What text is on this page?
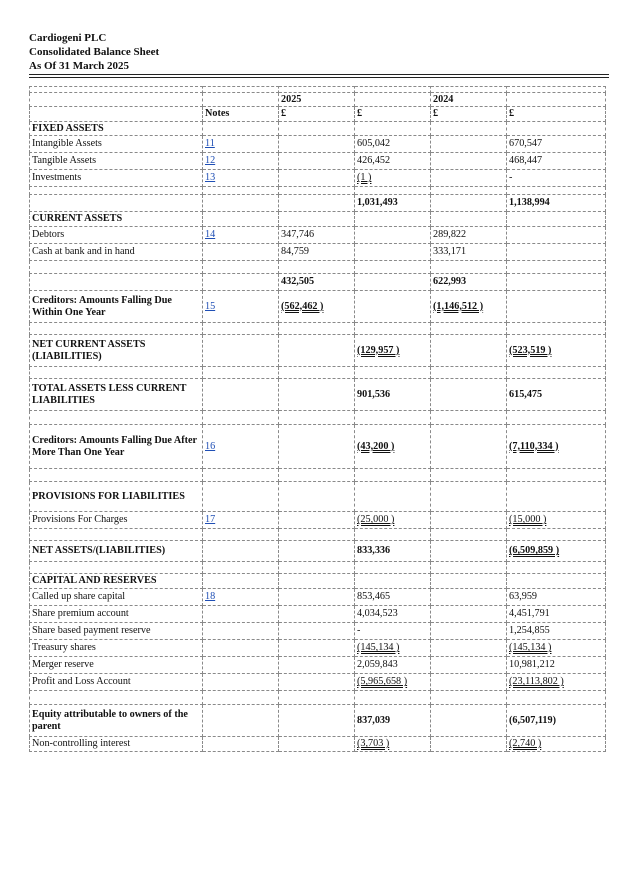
Cardiogeni PLC
Consolidated Balance Sheet
As Of 31 March 2025

		2025		2024	
	Notes	£	£	£	£
FIXED ASSETS					
Intangible Assets	11		605,042		670,547
Tangible Assets	12		426,452		468,447
Investments	13		(1 )		-

			1,031,493		1,138,994
CURRENT ASSETS					
Debtors	14	347,746		289,822	
Cash at bank and in hand		84,759		333,171	

		432,505		622,993	
Creditors: Amounts Falling Due Within One Year	15	(562,462 )		(1,146,512 )	

NET CURRENT ASSETS (LIABILITIES)			(129,957 )		(523,519 )

TOTAL ASSETS LESS CURRENT LIABILITIES			901,536		615,475

Creditors: Amounts Falling Due After More Than One Year	16		(43,200 )		(7,110,334 )

PROVISIONS FOR LIABILITIES					
Provisions For Charges	17		(25,000 )		(15,000 )

NET ASSETS/(LIABILITIES)			833,336		(6,509,859 )

CAPITAL AND RESERVES					
Called up share capital	18		853,465		63,959
Share premium account			4,034,523		4,451,791
Share based payment reserve			-		1,254,855
Treasury shares			(145,134 )		(145,134 )
Merger reserve			2,059,843		10,981,212
Profit and Loss Account			(5,965,658 )		(23,113,802 )

Equity attributable to owners of the parent			837,039		(6,507,119)
Non-controlling interest			(3,703 )		(2,740 )
